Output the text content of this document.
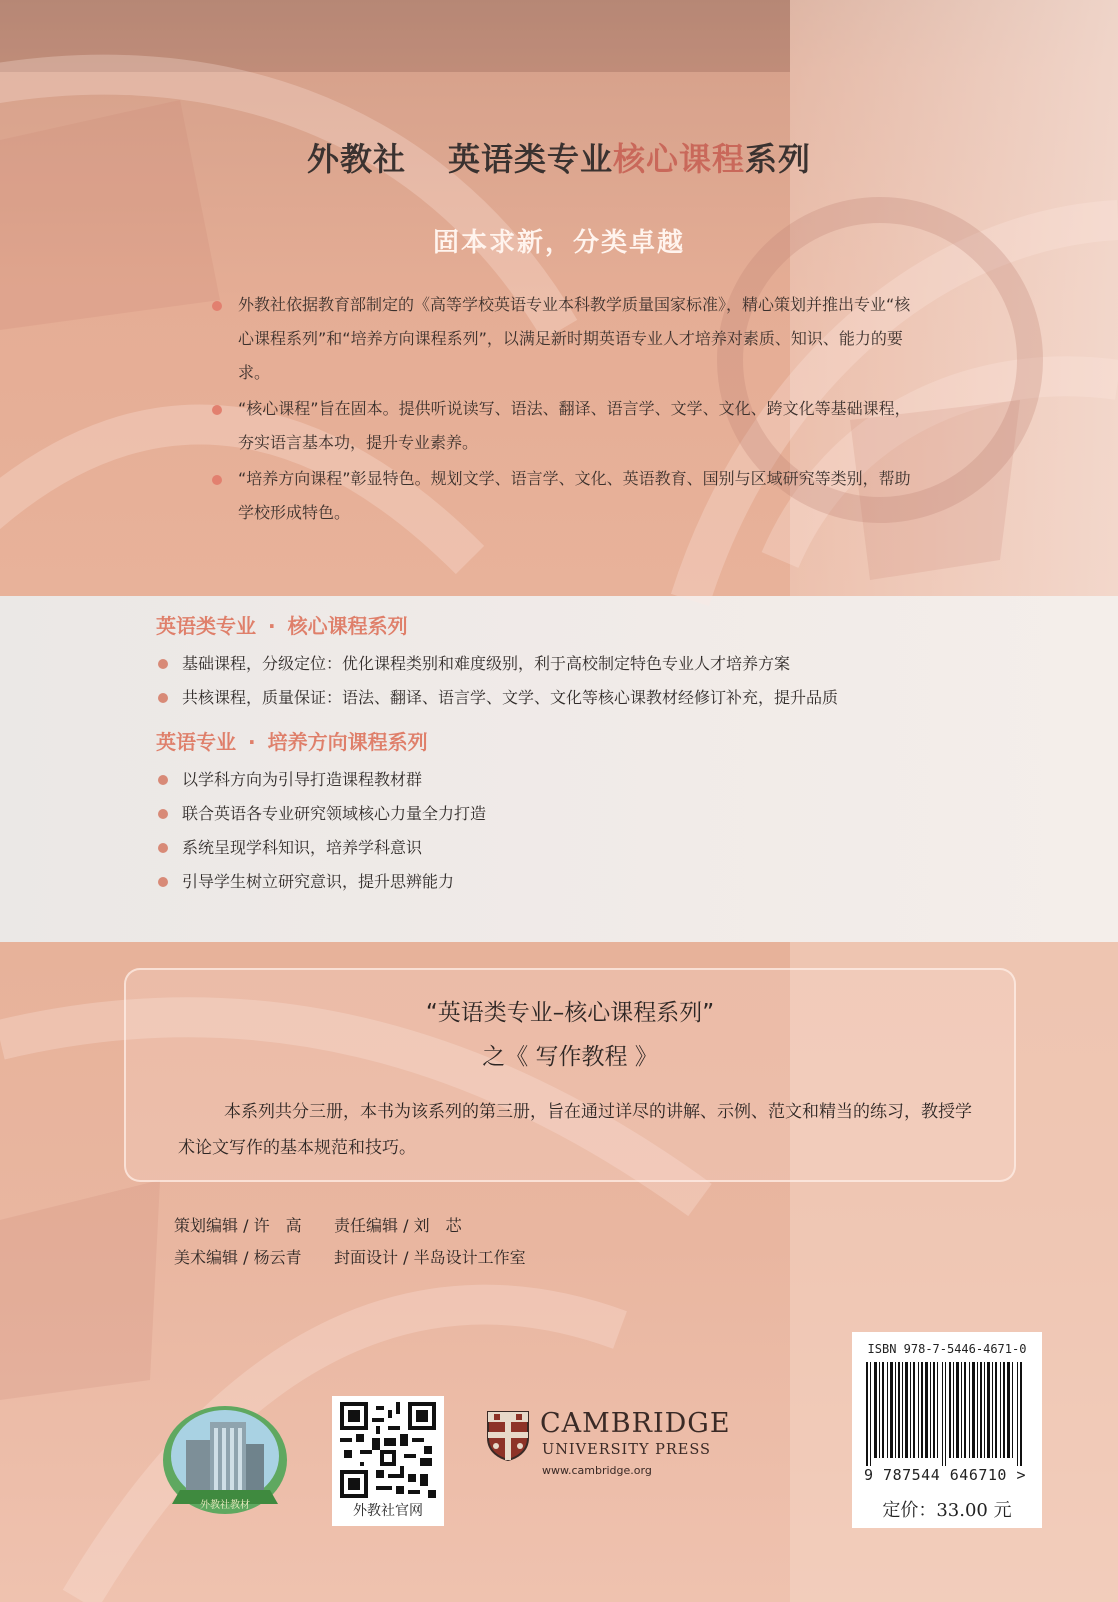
外教社 英语类专业核心课程系列
固本求新，分类卓越
外教社依据教育部制定的《高等学校英语专业本科教学质量国家标准》，精心策划并推出专业“核心课程系列”和“培养方向课程系列”，以满足新时期英语专业人才培养对素质、知识、能力的要求。
“核心课程”旨在固本。提供听说读写、语法、翻译、语言学、文学、文化、跨文化等基础课程，夯实语言基本功，提升专业素养。
“培养方向课程”彰显特色。规划文学、语言学、文化、英语教育、国别与区域研究等类别，帮助学校形成特色。
英语类专业 · 核心课程系列
基础课程，分级定位：优化课程类别和难度级别，利于高校制定特色专业人才培养方案
共核课程，质量保证：语法、翻译、语言学、文学、文化等核心课教材经修订补充，提升品质
英语专业 · 培养方向课程系列
以学科方向为引导打造课程教材群
联合英语各专业研究领域核心力量全力打造
系统呈现学科知识，培养学科意识
引导学生树立研究意识，提升思辨能力
“英语类专业–核心课程系列”
之《 写作教程 》
本系列共分三册，本书为该系列的第三册，旨在通过详尽的讲解、示例、范文和精当的练习，教授学术论文写作的基本规范和技巧。
策划编辑 / 许　高 责任编辑 / 刘　芯
美术编辑 / 杨云青 封面设计 / 半岛设计工作室
外教社教材	外教社官网
CAMBRIDGE
UNIVERSITY PRESS
www.cambridge.org
ISBN 978-7-5446-4671-0
9 787544 646710 >
定价：33.00 元
